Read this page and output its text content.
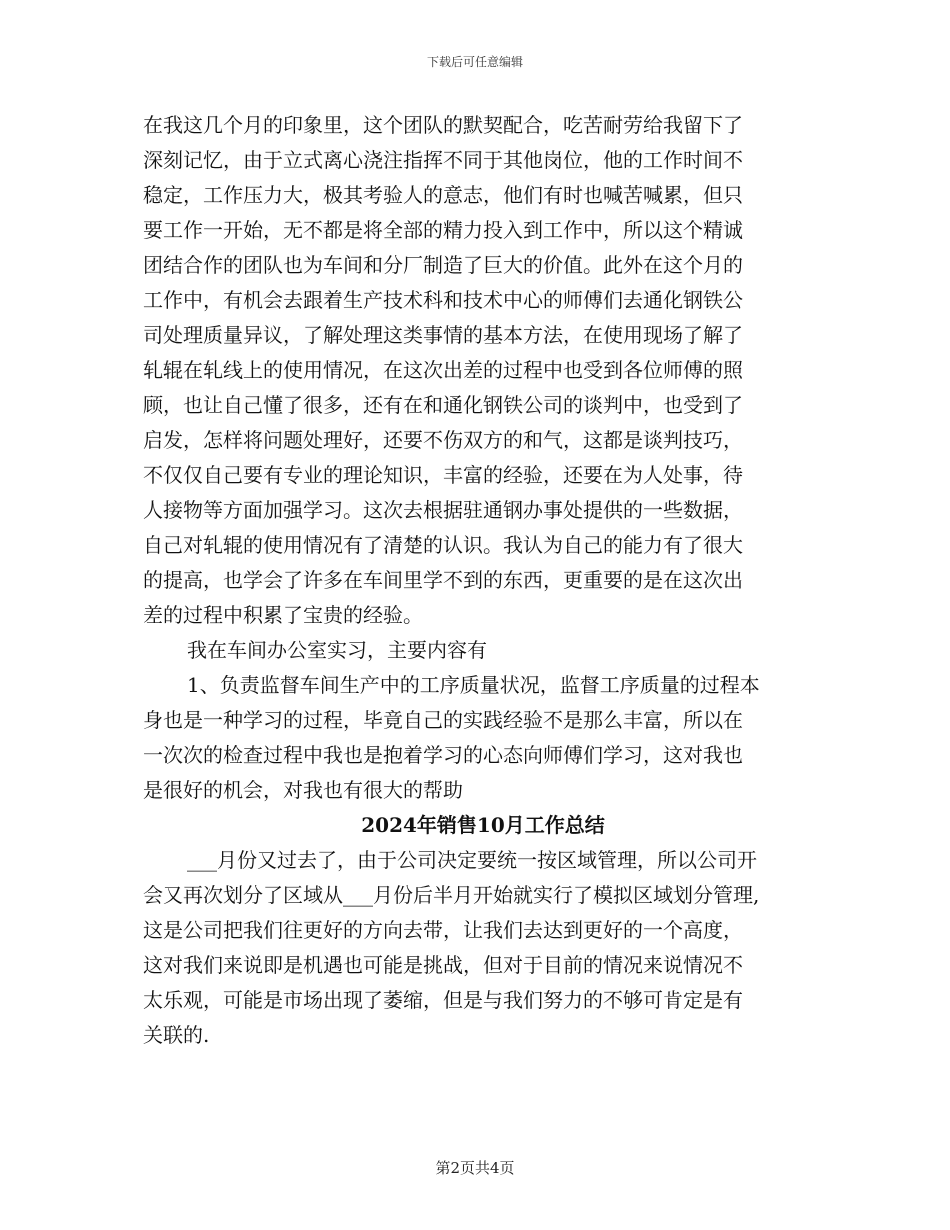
下载后可任意编辑
在我这几个月的印象里，这个团队的默契配合，吃苦耐劳给我留下了
深刻记忆，由于立式离心浇注指挥不同于其他岗位，他的工作时间不
稳定，工作压力大，极其考验人的意志，他们有时也喊苦喊累，但只
要工作一开始，无不都是将全部的精力投入到工作中，所以这个精诚
团结合作的团队也为车间和分厂制造了巨大的价值。此外在这个月的
工作中，有机会去跟着生产技术科和技术中心的师傅们去通化钢铁公
司处理质量异议，了解处理这类事情的基本方法，在使用现场了解了
轧辊在轧线上的使用情况，在这次出差的过程中也受到各位师傅的照
顾，也让自己懂了很多，还有在和通化钢铁公司的谈判中，也受到了
启发，怎样将问题处理好，还要不伤双方的和气，这都是谈判技巧，
不仅仅自己要有专业的理论知识，丰富的经验，还要在为人处事，待
人接物等方面加强学习。这次去根据驻通钢办事处提供的一些数据，
自己对轧辊的使用情况有了清楚的认识。我认为自己的能力有了很大
的提高，也学会了许多在车间里学不到的东西，更重要的是在这次出
差的过程中积累了宝贵的经验。
我在车间办公室实习，主要内容有
1、负责监督车间生产中的工序质量状况，监督工序质量的过程本
身也是一种学习的过程，毕竟自己的实践经验不是那么丰富，所以在
一次次的检查过程中我也是抱着学习的心态向师傅们学习，这对我也
是很好的机会，对我也有很大的帮助
2024年销售10月工作总结
___月份又过去了，由于公司决定要统一按区域管理，所以公司开
会又再次划分了区域从___月份后半月开始就实行了模拟区域划分管理,
这是公司把我们往更好的方向去带，让我们去达到更好的一个高度，
这对我们来说即是机遇也可能是挑战，但对于目前的情况来说情况不
太乐观，可能是市场出现了萎缩，但是与我们努力的不够可肯定是有
关联的.
第2页共4页
